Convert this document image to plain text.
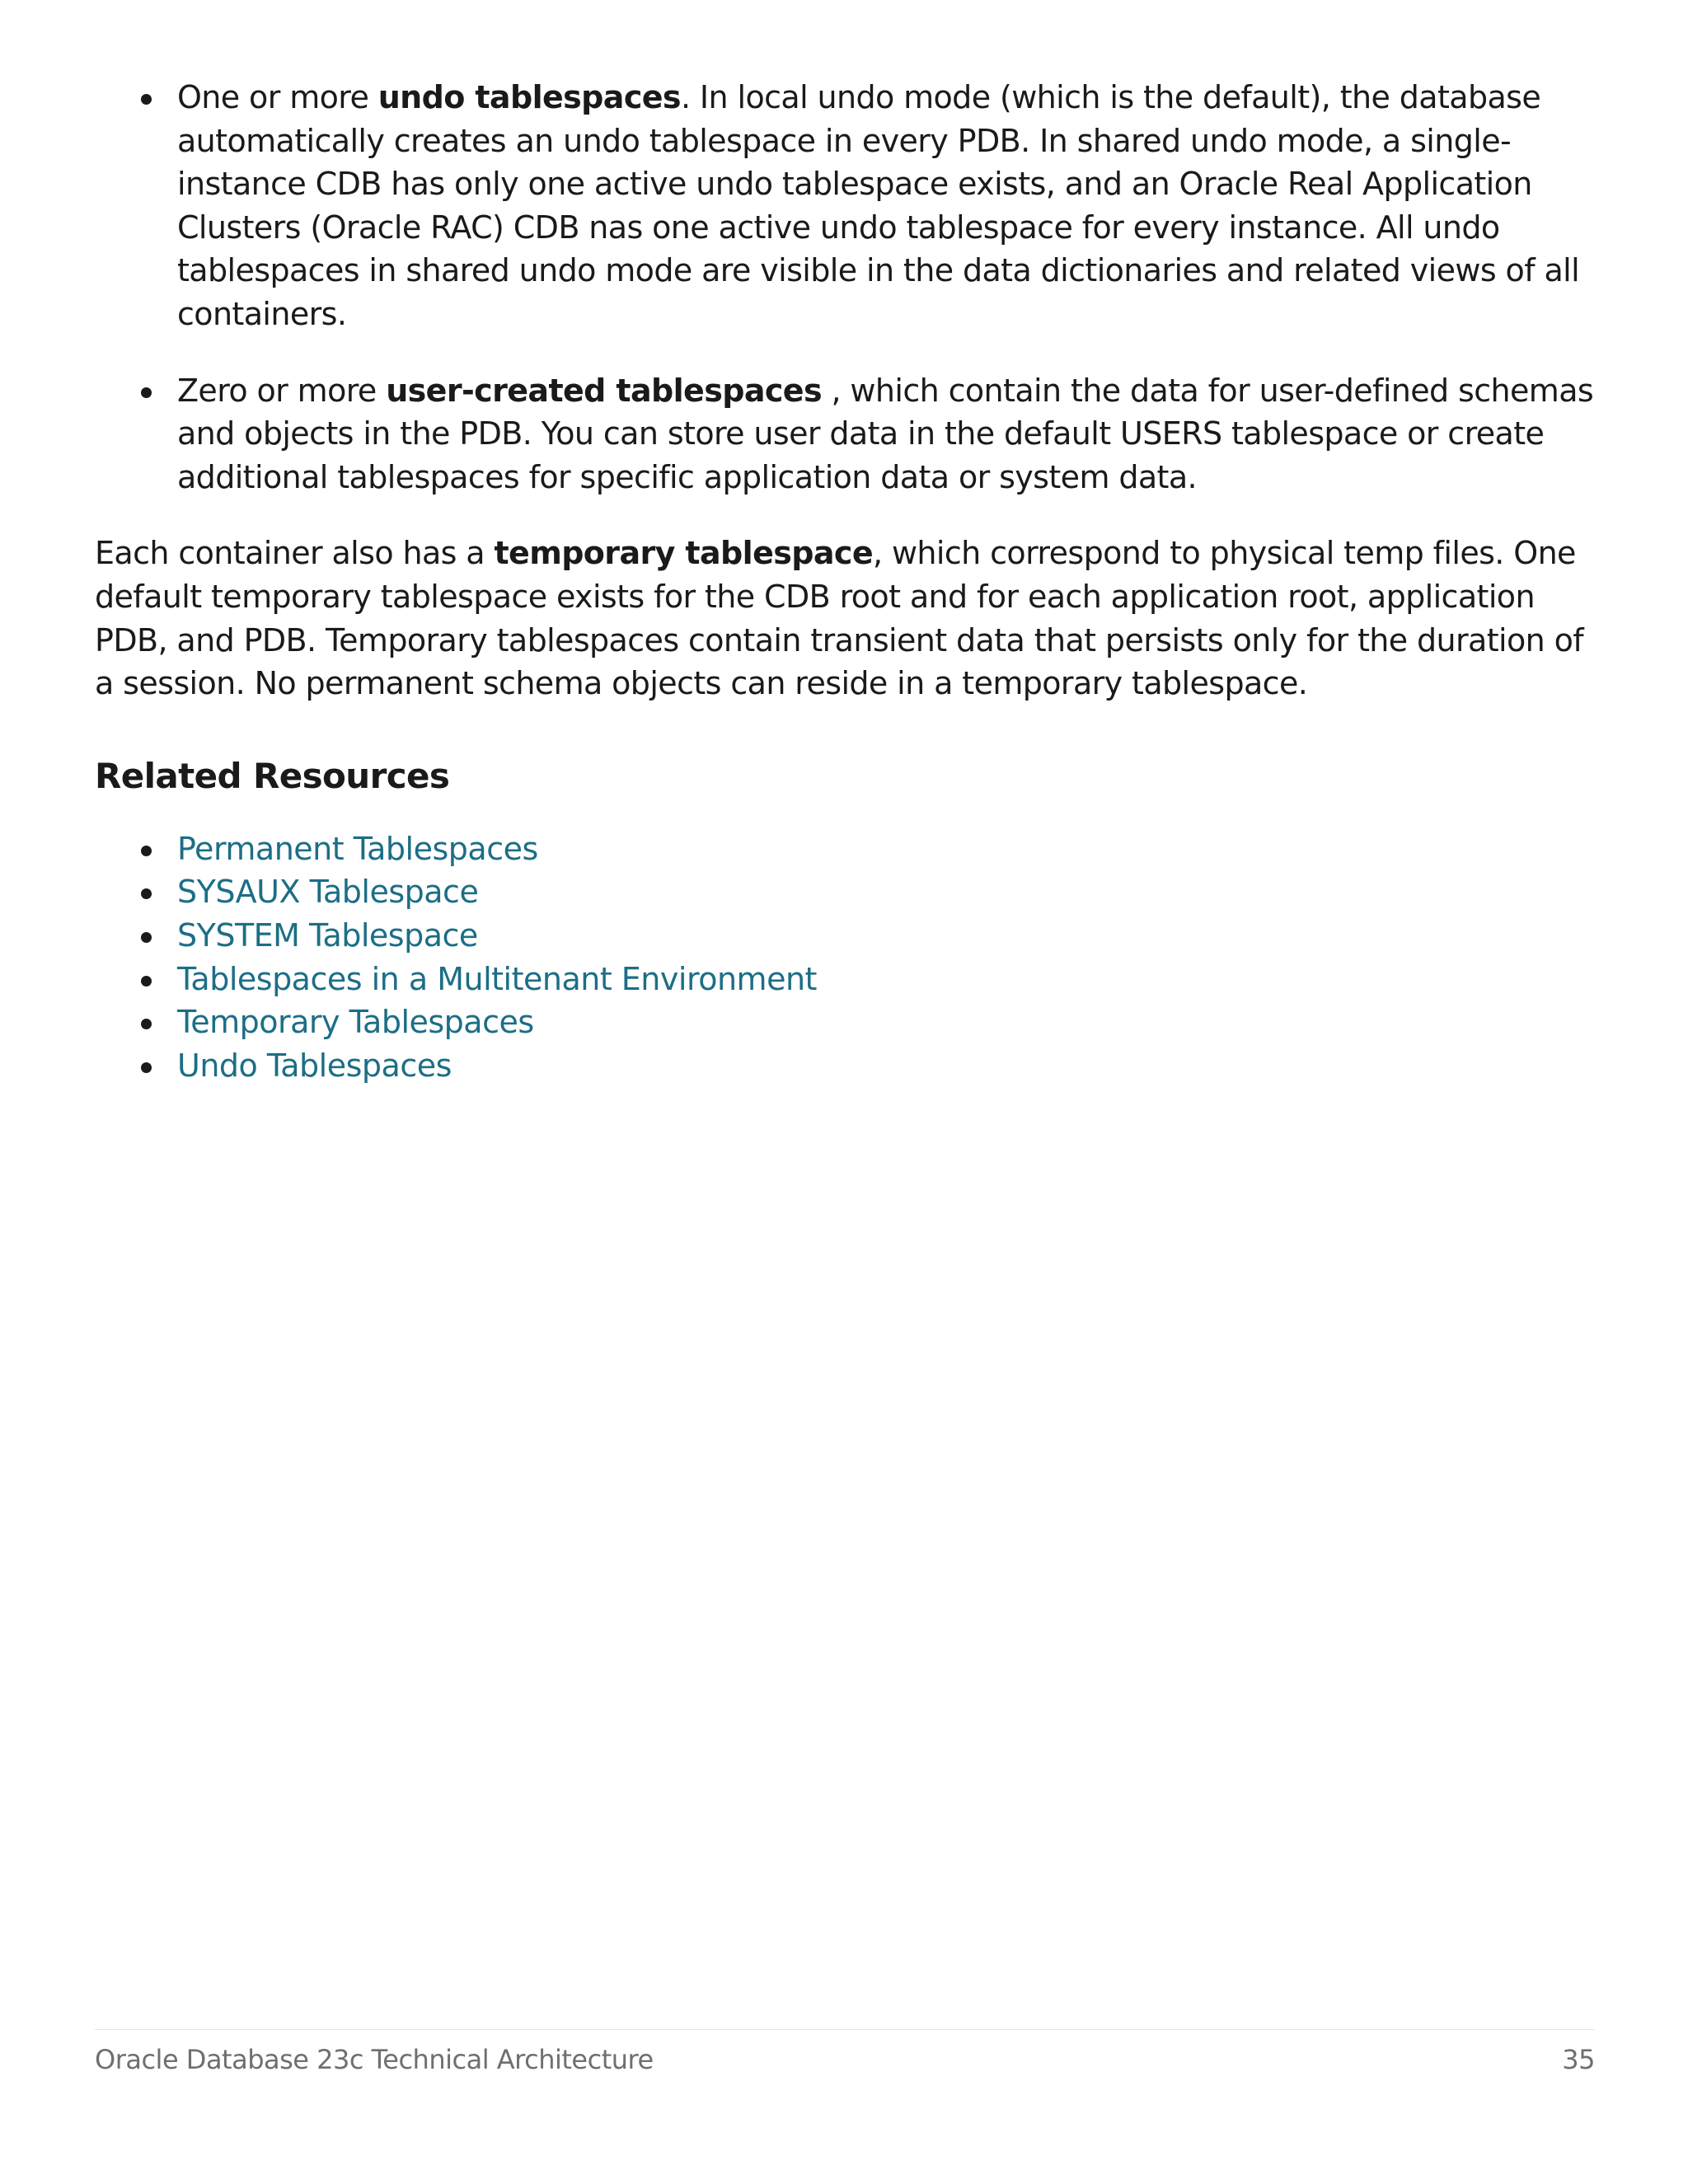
One or more undo tablespaces. In local undo mode (which is the default), the database automatically creates an undo tablespace in every PDB. In shared undo mode, a single-instance CDB has only one active undo tablespace exists, and an Oracle Real Application Clusters (Oracle RAC) CDB nas one active undo tablespace for every instance. All undo tablespaces in shared undo mode are visible in the data dictionaries and related views of all containers.
Zero or more user-created tablespaces , which contain the data for user-defined schemas and objects in the PDB. You can store user data in the default USERS tablespace or create additional tablespaces for specific application data or system data.

Each container also has a temporary tablespace, which correspond to physical temp files. One default temporary tablespace exists for the CDB root and for each application root, application PDB, and PDB. Temporary tablespaces contain transient data that persists only for the duration of a session. No permanent schema objects can reside in a temporary tablespace.

Related Resources
Permanent Tablespaces
SYSAUX Tablespace
SYSTEM Tablespace
Tablespaces in a Multitenant Environment
Temporary Tablespaces
Undo Tablespaces
Oracle Database 23c Technical Architecture	35
